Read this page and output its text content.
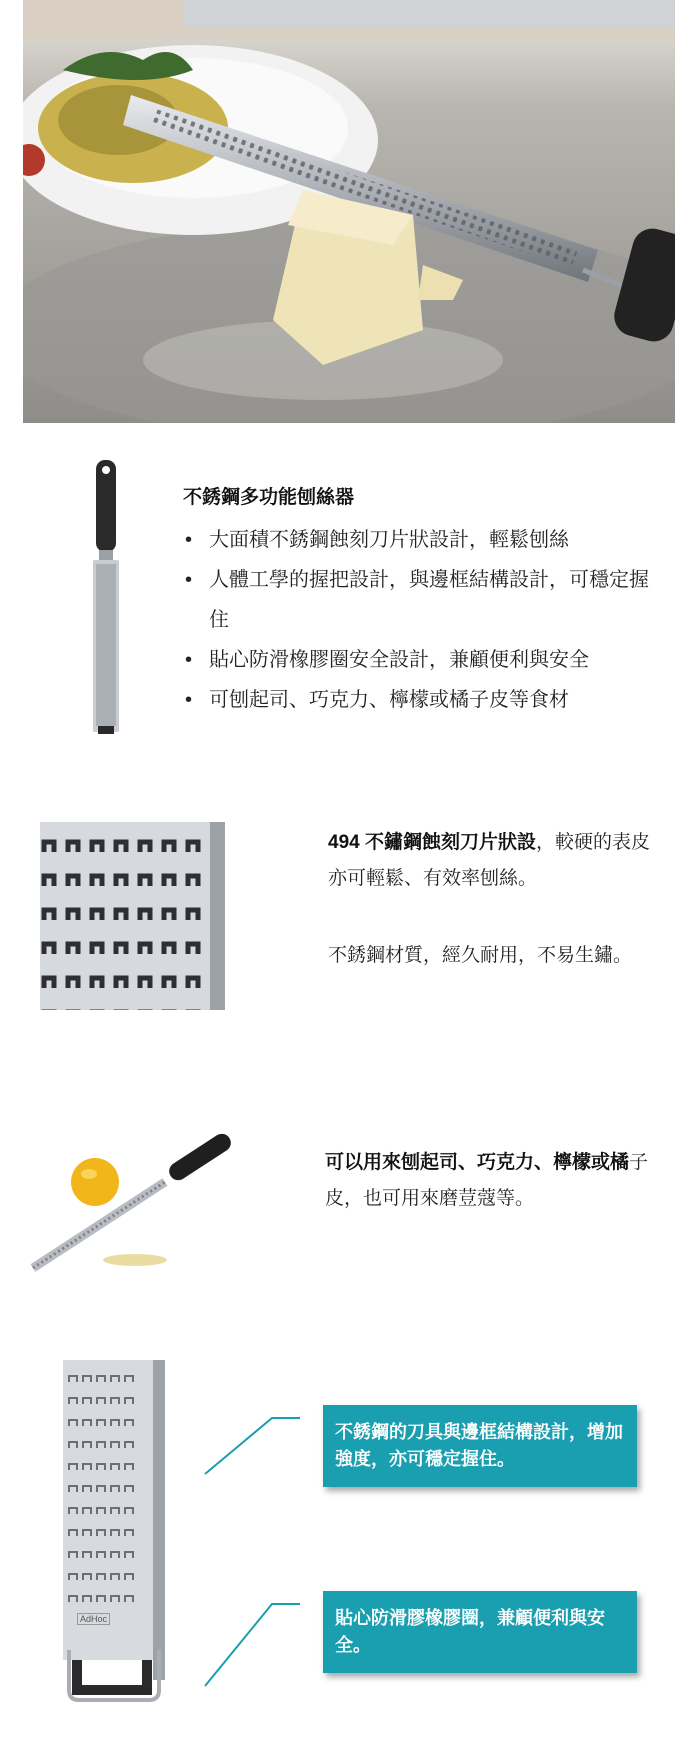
不銹鋼多功能刨絲器
• 大面積不銹鋼蝕刻刀片狀設計，輕鬆刨絲
• 人體工學的握把設計，與邊框結構設計，可穩定握住
• 貼心防滑橡膠圈安全設計，兼顧便利與安全
• 可刨起司、巧克力、檸檬或橘子皮等食材
494 不鏽鋼蝕刻刀片狀設，較硬的表皮亦可輕鬆、有效率刨絲。
不銹鋼材質，經久耐用，不易生鏽。
可以用來刨起司、巧克力、檸檬或橘子皮，也可用來磨荳蔻等。
AdHoc
不銹鋼的刀具與邊框結構設計，增加強度，亦可穩定握住。
貼心防滑膠橡膠圈，兼顧便利與安全。
